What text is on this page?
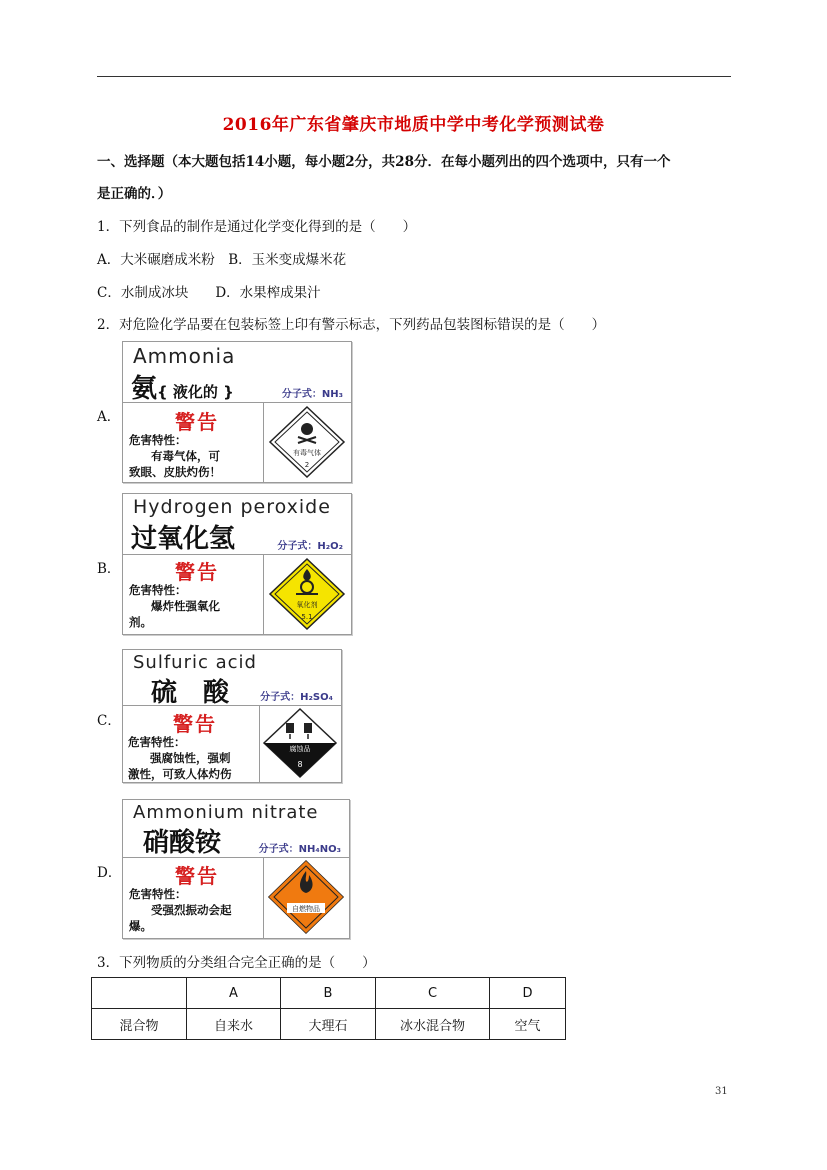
2016年广东省肇庆市地质中学中考化学预测试卷
一、选择题（本大题包括14小题，每小题2分，共28分．在每小题列出的四个选项中，只有一个
是正确的．）
1．下列食品的制作是通过化学变化得到的是（　　）
A．大米碾磨成米粉　B．玉米变成爆米花
C．水制成冰块　　D．水果榨成果汁
2．对危险化学品要在包装标签上印有警示标志，下列药品包装图标错误的是（　　）
A．
Ammonia
氨{ 液化的 }	分子式：NH₃
警告
危害特性：
有毒气体，可
致眼、皮肤灼伤！
有毒气体
2
B．
Hydrogen peroxide
过氧化氢	分子式：H₂O₂
警告
危害特性：
爆炸性强氧化
剂。
氧化剂
5.1
C．
Sulfuric acid
硫　酸	分子式：H₂SO₄
警告
危害特性：
强腐蚀性，强刺
激性，可致人体灼伤
腐蚀品
8
D．
Ammonium nitrate
硝酸铵	分子式：NH₄NO₃
警告
危害特性：
受强烈振动会起
爆。
自燃物品
3．下列物质的分类组合完全正确的是（　　）
	A	B	C	D
混合物	自来水	大理石	冰水混合物	空气
31
